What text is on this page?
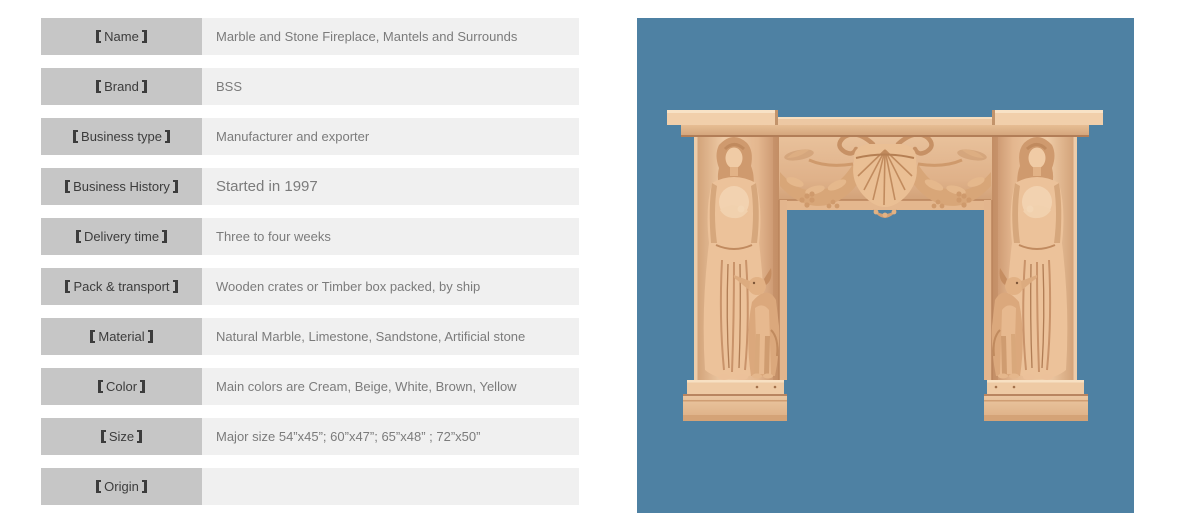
Name	Marble and Stone Fireplace, Mantels and Surrounds
Brand	BSS
Business type	Manufacturer and exporter
Business History	Started in 1997
Delivery time	Three to four weeks
Pack & transport	Wooden crates or Timber box packed, by ship
Material	Natural Marble, Limestone, Sandstone, Artificial stone
Color	Main colors are Cream, Beige, White, Brown, Yellow
Size	Major size 54”x45”; 60”x47”; 65”x48” ; 72”x50”
Origin
